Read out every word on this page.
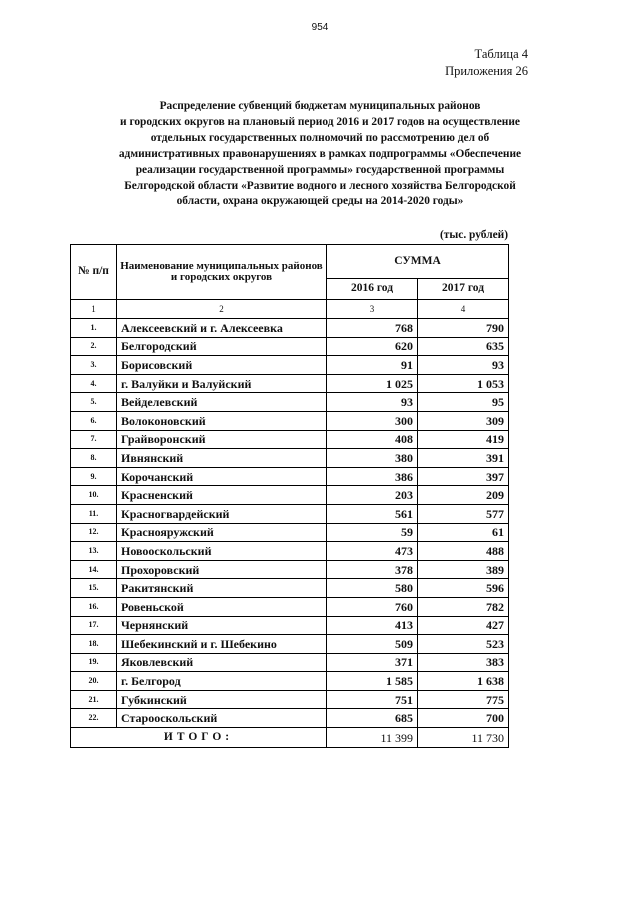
954
Таблица 4
Приложения 26
Распределение субвенций бюджетам муниципальных районов
и городских округов на плановый период 2016 и 2017 годов на осуществление
отдельных государственных полномочий по рассмотрению дел об
административных правонарушениях в рамках подпрограммы «Обеспечение
реализации государственной программы» государственной программы
Белгородской области «Развитие водного и лесного хозяйства Белгородской
области, охрана окружающей среды на 2014-2020 годы»
(тыс. рублей)
№ п/п	Наименование муниципальных районов и городских округов	СУММА	
		2016 год	2017 год
1	2	3	4
1.	Алексеевский и г. Алексеевка	768	790
2.	Белгородский	620	635
3.	Борисовский	91	93
4.	г. Валуйки и Валуйский	1 025	1 053
5.	Вейделевский	93	95
6.	Волоконовский	300	309
7.	Грайворонский	408	419
8.	Ивнянский	380	391
9.	Корочанский	386	397
10.	Красненский	203	209
11.	Красногвардейский	561	577
12.	Краснояружский	59	61
13.	Новооскольский	473	488
14.	Прохоровский	378	389
15.	Ракитянский	580	596
16.	Ровеньской	760	782
17.	Чернянский	413	427
18.	Шебекинский и г. Шебекино	509	523
19.	Яковлевский	371	383
20.	г. Белгород	1 585	1 638
21.	Губкинский	751	775
22.	Старооскольский	685	700
ИТОГО:		11 399	11 730
